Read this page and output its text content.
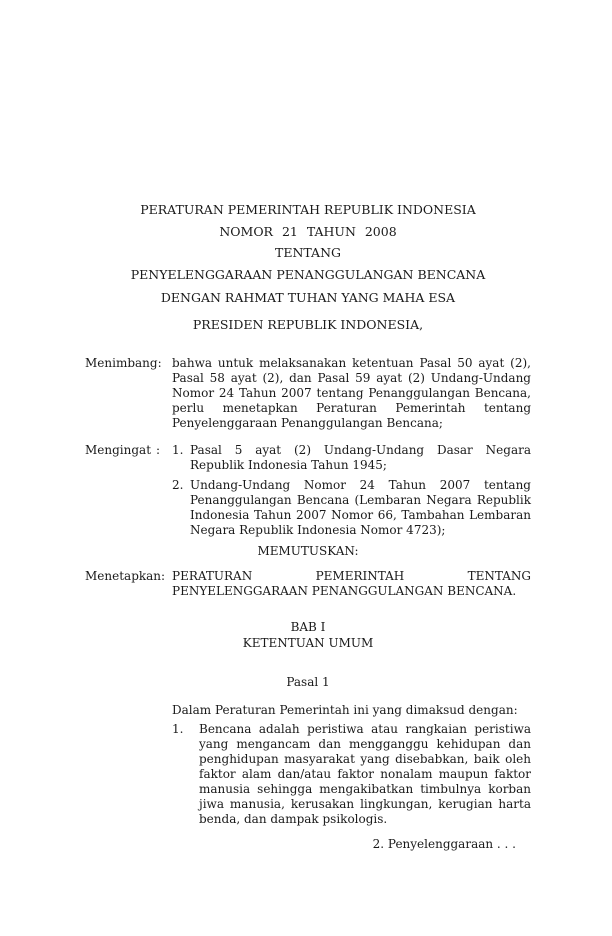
PERATURAN PEMERINTAH REPUBLIK INDONESIA
NOMOR 21 TAHUN 2008
TENTANG
PENYELENGGARAAN PENANGGULANGAN BENCANA
DENGAN RAHMAT TUHAN YANG MAHA ESA
PRESIDEN REPUBLIK INDONESIA,
Menimbang : bahwa untuk melaksanakan ketentuan Pasal 50 ayat (2), Pasal 58 ayat (2), dan Pasal 59 ayat (2) Undang-Undang Nomor 24 Tahun 2007 tentang Penanggulangan Bencana, perlu menetapkan Peraturan Pemerintah tentang Penyelenggaraan Penanggulangan Bencana;
Mengingat : 1. Pasal 5 ayat (2) Undang-Undang Dasar Negara Republik Indonesia Tahun 1945;
2. Undang-Undang Nomor 24 Tahun 2007 tentang Penanggulangan Bencana (Lembaran Negara Republik Indonesia Tahun 2007 Nomor 66, Tambahan Lembaran Negara Republik Indonesia Nomor 4723);
MEMUTUSKAN:
Menetapkan : PERATURAN PEMERINTAH TENTANG PENYELENGGARAAN PENANGGULANGAN BENCANA.
BAB I
KETENTUAN UMUM
Pasal 1
Dalam Peraturan Pemerintah ini yang dimaksud dengan:
1.	Bencana adalah peristiwa atau rangkaian peristiwa yang mengancam dan mengganggu kehidupan dan penghidupan masyarakat yang disebabkan, baik oleh faktor alam dan/atau faktor nonalam maupun faktor manusia sehingga mengakibatkan timbulnya korban jiwa manusia, kerusakan lingkungan, kerugian harta benda, dan dampak psikologis.
2. Penyelenggaraan . . .
